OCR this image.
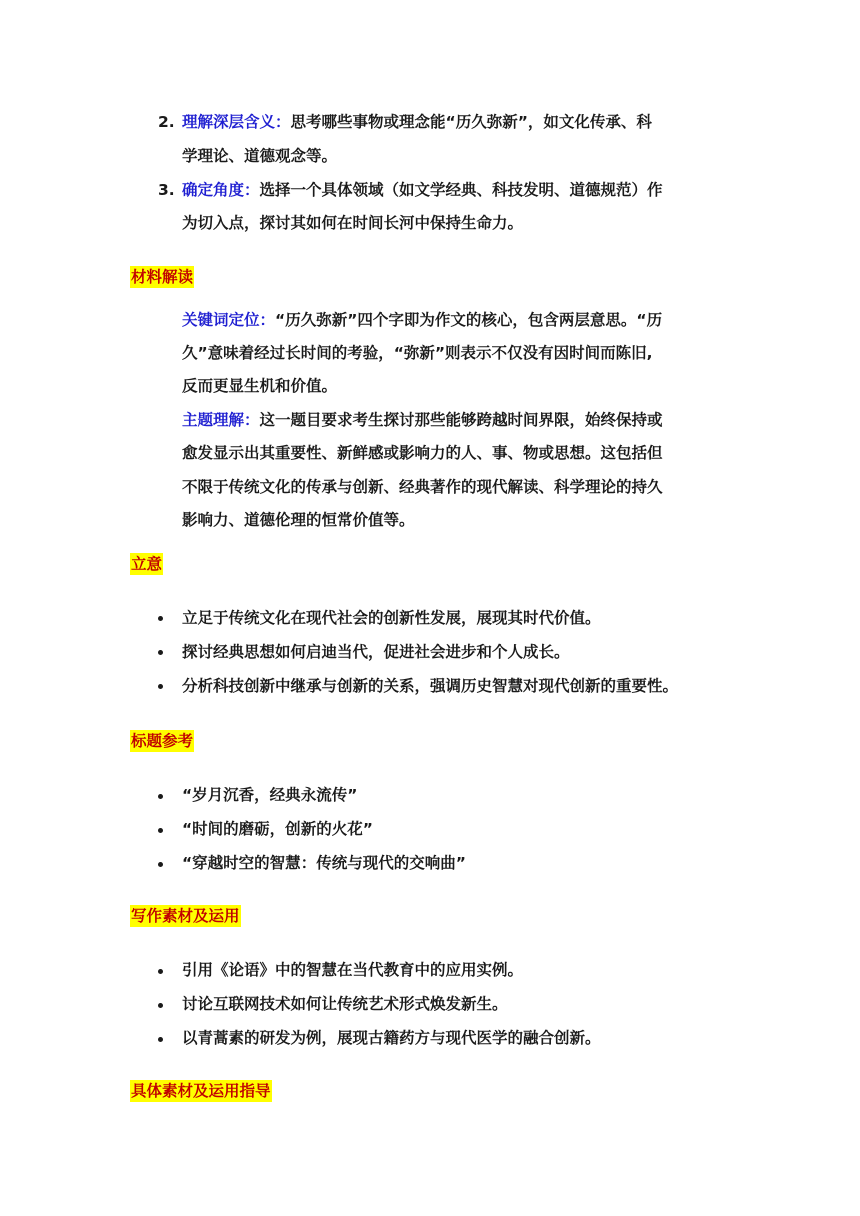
2. 理解深层含义：思考哪些事物或理念能“历久弥新”，如文化传承、科
学理论、道德观念等。
3. 确定角度：选择一个具体领域（如文学经典、科技发明、道德规范）作
为切入点，探讨其如何在时间长河中保持生命力。
材料解读
关键词定位：“历久弥新”四个字即为作文的核心，包含两层意思。“历
久”意味着经过长时间的考验，“弥新”则表示不仅没有因时间而陈旧,
反而更显生机和价值。
主题理解：这一题目要求考生探讨那些能够跨越时间界限，始终保持或
愈发显示出其重要性、新鲜感或影响力的人、事、物或思想。这包括但
不限于传统文化的传承与创新、经典著作的现代解读、科学理论的持久
影响力、道德伦理的恒常价值等。
立意
立足于传统文化在现代社会的创新性发展，展现其时代价值。
探讨经典思想如何启迪当代，促进社会进步和个人成长。
分析科技创新中继承与创新的关系，强调历史智慧对现代创新的重要性。
标题参考
“岁月沉香，经典永流传”
“时间的磨砺，创新的火花”
“穿越时空的智慧：传统与现代的交响曲”
写作素材及运用
引用《论语》中的智慧在当代教育中的应用实例。
讨论互联网技术如何让传统艺术形式焕发新生。
以青蒿素的研发为例，展现古籍药方与现代医学的融合创新。
具体素材及运用指导
